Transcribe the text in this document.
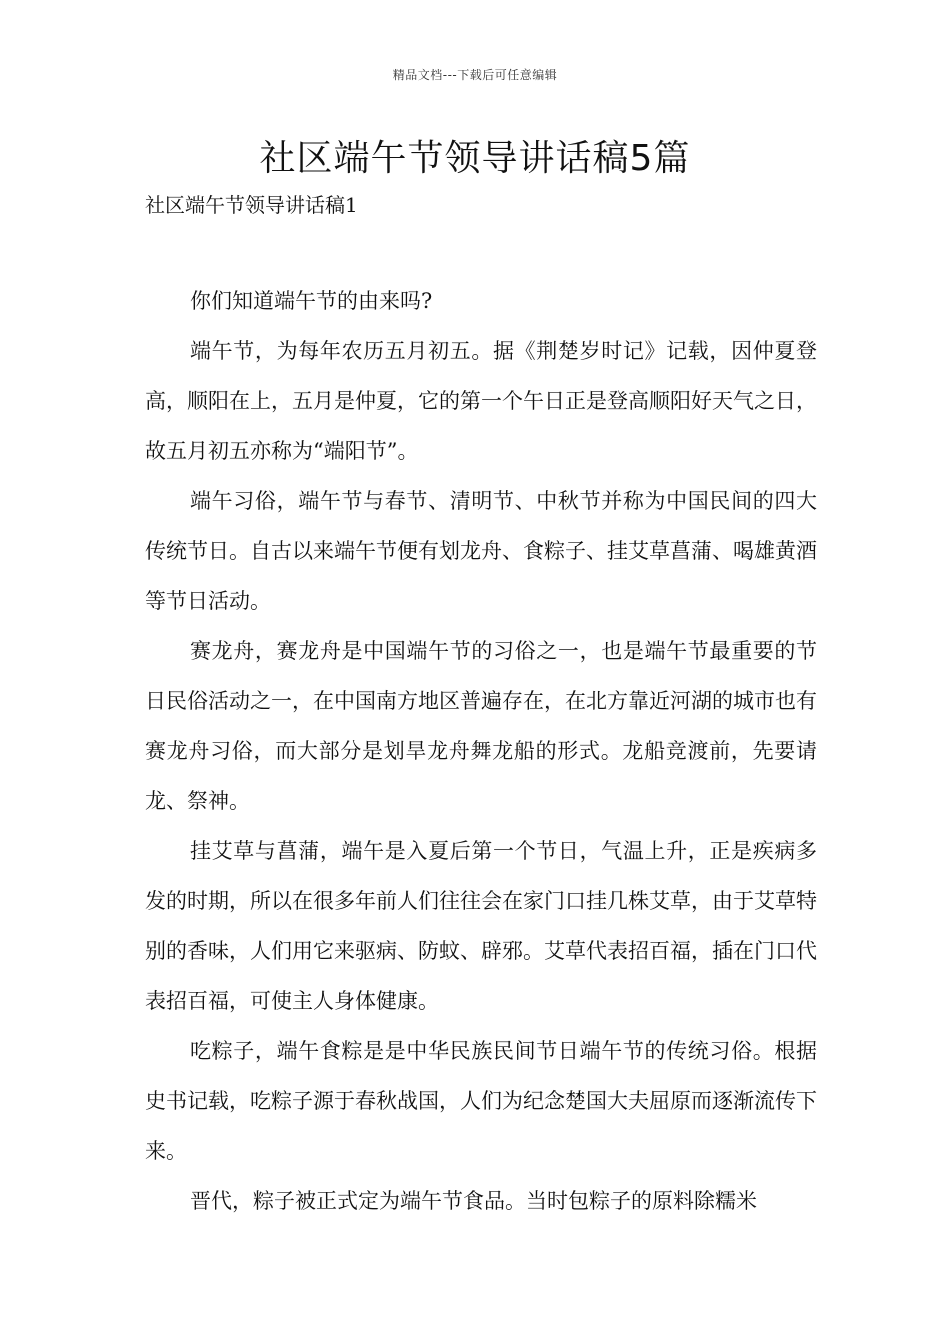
精品文档---下载后可任意编辑
社区端午节领导讲话稿5篇

社区端午节领导讲话稿1

你们知道端午节的由来吗?

端午节，为每年农历五月初五。据《荆楚岁时记》记载，因仲夏登高，顺阳在上，五月是仲夏，它的第一个午日正是登高顺阳好天气之日，故五月初五亦称为“端阳节”。

端午习俗，端午节与春节、清明节、中秋节并称为中国民间的四大传统节日。自古以来端午节便有划龙舟、食粽子、挂艾草菖蒲、喝雄黄酒等节日活动。

赛龙舟，赛龙舟是中国端午节的习俗之一，也是端午节最重要的节日民俗活动之一，在中国南方地区普遍存在，在北方靠近河湖的城市也有赛龙舟习俗，而大部分是划旱龙舟舞龙船的形式。龙船竞渡前，先要请龙、祭神。

挂艾草与菖蒲，端午是入夏后第一个节日，气温上升，正是疾病多发的时期，所以在很多年前人们往往会在家门口挂几株艾草，由于艾草特别的香味，人们用它来驱病、防蚊、辟邪。艾草代表招百福，插在门口代表招百福，可使主人身体健康。

吃粽子，端午食粽是是中华民族民间节日端午节的传统习俗。根据史书记载，吃粽子源于春秋战国，人们为纪念楚国大夫屈原而逐渐流传下来。

晋代，粽子被正式定为端午节食品。当时包粽子的原料除糯米
